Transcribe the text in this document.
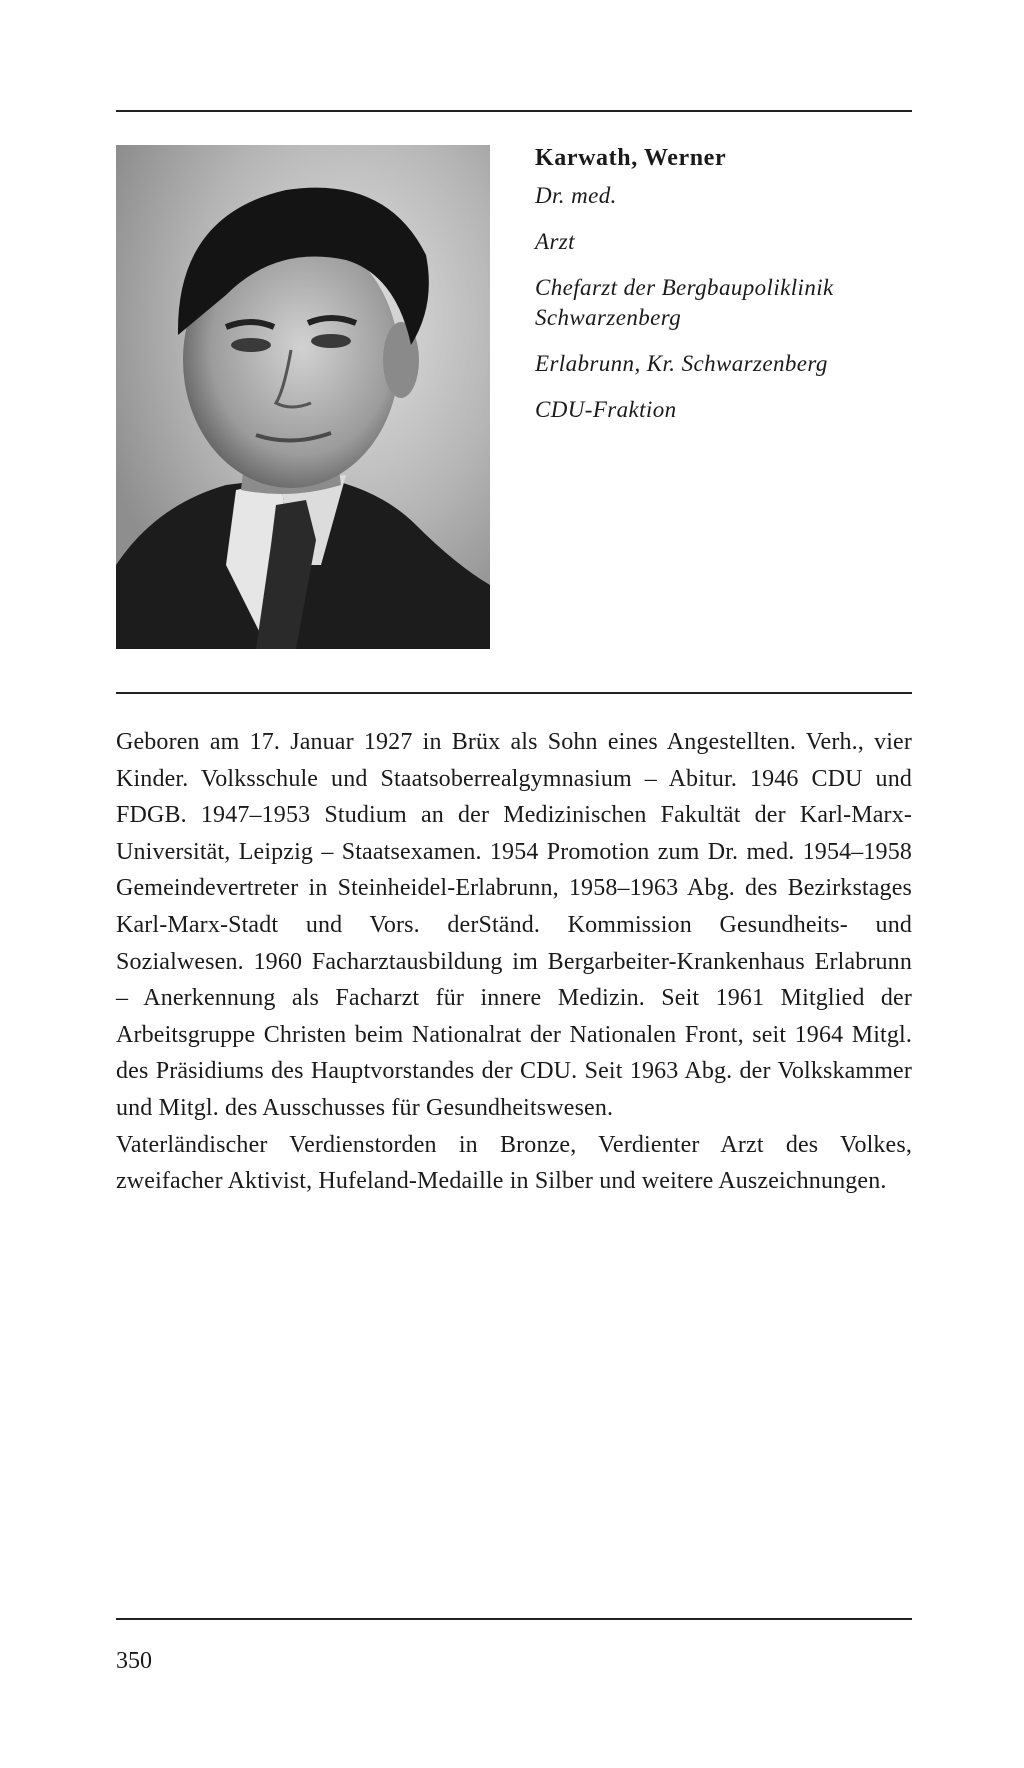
Karwath, Werner
Dr. med.
Arzt
Chefarzt der Bergbaupoliklinik
Schwarzenberg
Erlabrunn, Kr. Schwarzenberg
CDU-Fraktion

Geboren am 17. Januar 1927 in Brüx als Sohn eines Angestellten. Verh., vier Kinder. Volksschule und Staatsoberrealgymnasium – Abitur. 1946 CDU und FDGB. 1947–1953 Studium an der Medizinischen Fakultät der Karl-Marx-Universität, Leipzig – Staatsexamen. 1954 Promotion zum Dr. med. 1954–1958 Gemeindevertreter in Steinheidel-Erlabrunn, 1958–1963 Abg. des Bezirkstages Karl-Marx-Stadt und Vors. derStänd. Kommission Gesundheits- und Sozialwesen. 1960 Facharztausbildung im Bergarbeiter-Krankenhaus Erlabrunn – Anerkennung als Facharzt für innere Medizin. Seit 1961 Mitglied der Arbeitsgruppe Christen beim Nationalrat der Nationalen Front, seit 1964 Mitgl. des Präsidiums des Hauptvorstandes der CDU. Seit 1963 Abg. der Volkskammer und Mitgl. des Ausschusses für Gesundheitswesen.

Vaterländischer Verdienstorden in Bronze, Verdienter Arzt des Volkes, zweifacher Aktivist, Hufeland-Medaille in Silber und weitere Auszeichnungen.

350
